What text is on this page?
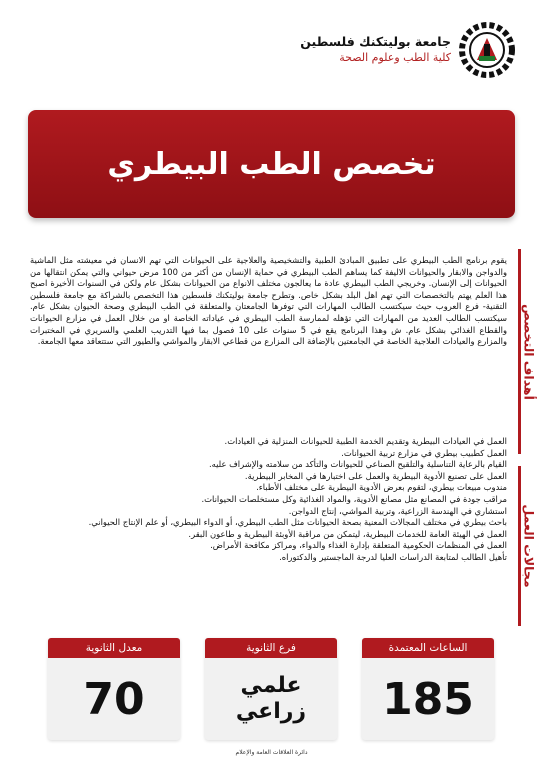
جامعة بوليتكنك فلسطين
كلية الطب وعلوم الصحة
تخصص الطب البيطري
أهداف التخصص
مجالات العمل
يقوم برنامج الطب البيطري على تطبيق المبادئ الطبية والتشخيصية والعلاجية على الحيوانات التي تهم الانسان في معيشته مثل الماشية والدواجن والابقار والحيوانات الاليفة كما يساهم الطب البيطري في حماية الإنسان من أكثر من 100 مرض حيواني والتي يمكن انتقالها من الحيوانات إلى الإنسان. وخريجي الطب البيطري عادة ما يعالجون مختلف الانواع من الحيوانات بشكل عام ولكن في السنوات الأخيرة اصبح هذا العلم يهتم بالتخصصات التي تهم اهل البلد بشكل خاص. وتطرح جامعة بوليتكنك فلسطين هذا التخصص بالشراكة مع جامعة فلسطين التقنية- فرع العروب حيث سيكتسب الطالب المهارات التي توفرها الجامعتان والمتعلقة في الطب البيطري وصحة الحيوان بشكل عام. سيكتسب الطالب العديد من المهارات التي تؤهله لممارسة الطب البيطري في عياداته الخاصة او من خلال العمل في مزارع الحيوانات والقطاع الغذائي بشكل عام. ش وهذا البرنامج يقع في 5 سنوات على 10 فصول بما فيها التدريب العلمي والسريري في المختبرات والمزارع والعيادات العلاجية الخاصة في الجامعتين بالإضافة الى المزارع من قطاعي الابقار والمواشي والطيور التي ستتعاقد معها الجامعة.

العمل في العيادات البيطرية وتقديم الخدمة الطبية للحيوانات المنزلية في العيادات.

العمل كطبيب بيطري في مزارع تربية الحيوانات.

القيام بالرعاية التناسلية والتلقيح الصناعي للحيوانات والتأكد من سلامته والإشراف عليه.

العمل على تصنيع الأدوية البيطرية والعمل على اختبارها في المخابر البيطرية.

مندوب مبيعات بيطري، لتقوم بعرض الأدوية البيطرية على مختلف الأطباء.

مراقب جودة في المصانع مثل مصانع الأدوية، والمواد الغذائية وكل مستخلصات الحيوانات.

استشاري في الهندسة الزراعية، وتربية المواشي، إنتاج الدواجن.

باحث بيطري في مختلف المجالات المعنية بصحة الحيوانات مثل الطب البيطري، أو الدواء البيطري، أو علم الإنتاج الحيواني.

العمل في الهيئة العامة للخدمات البيطرية، ليتمكن من مراقبة الأوبئة البيطرية و طاعون البقر.

العمل في المنظمات الحكومية المتعلقة بإدارة الغذاء والدواء، ومراكز مكافحة الأمراض.

تأهيل الطالب لمتابعة الدراسات العليا لدرجة الماجستير والدكتوراه.

الساعات المعتمدة
185
فرع الثانوية
علمي
زراعي
معدل الثانوية
70
دائرة العلاقات العامة والإعلام
